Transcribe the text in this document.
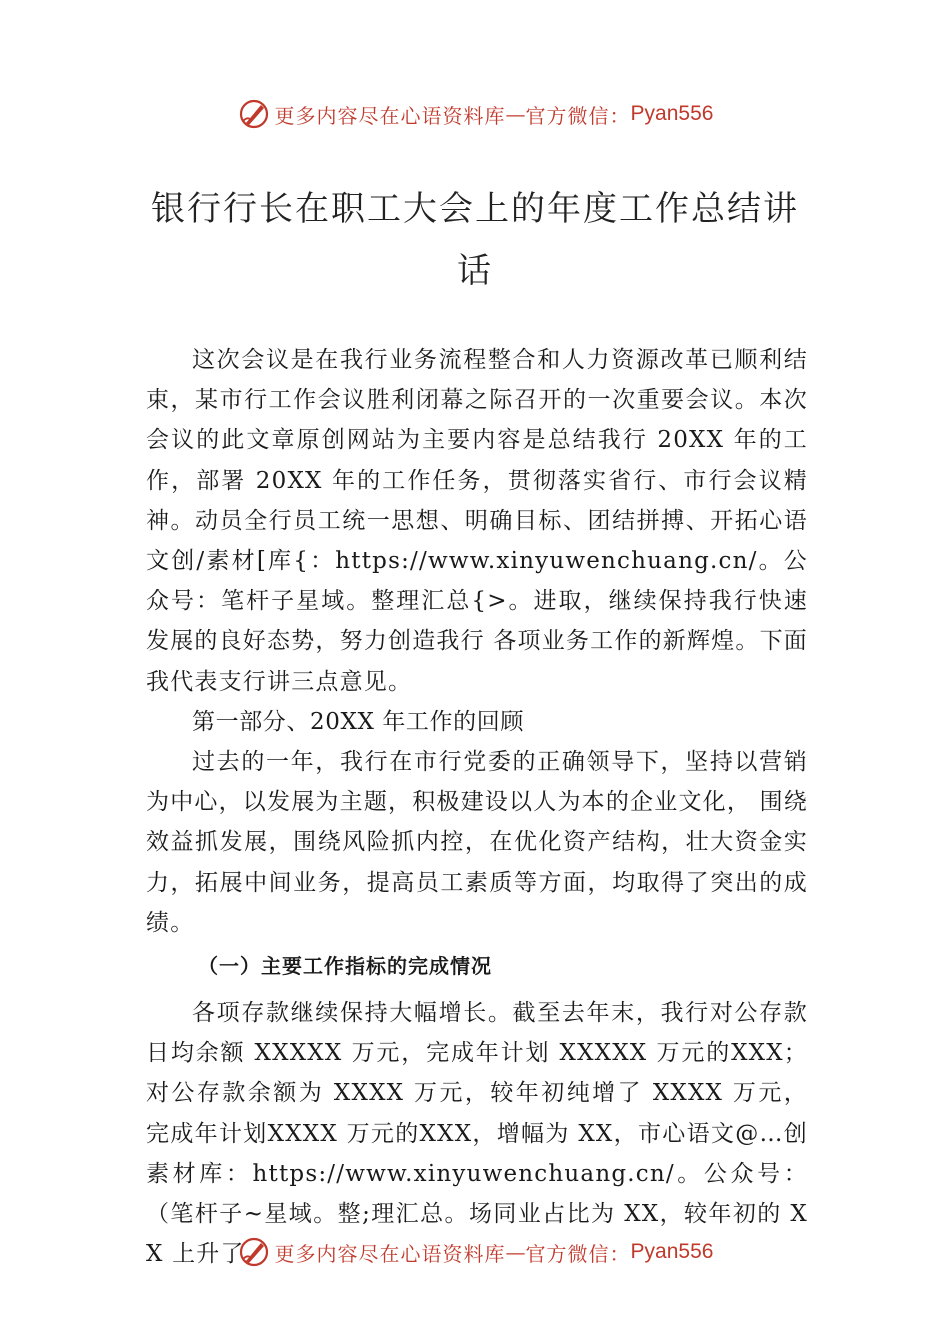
更多内容尽在心语资料库 — 官方微信： Pyan556
银行行长在职工大会上的年度工作总结讲话

这次会议是在我行业务流程整合和人力资源改革已顺利结束，某市行工作会议胜利闭幕之际召开的一次重要会议。本次会议的此文章原创网站为主要内容是总结我行 20XX 年的工作，部署 20XX 年的工作任务，贯彻落实省行、市行会议精神。动员全行员工统一思想、明确目标、团结拼搏、开拓心语文创/素材[库{：https://www.xinyuwenchuang.cn/。公众号：笔杆子星域。整理汇总{>。进取，继续保持我行快速发展的良好态势，努力创造我行 各项业务工作的新辉煌。下面我代表支行讲三点意见。

第一部分、20XX 年工作的回顾

过去的一年，我行在市行党委的正确领导下，坚持以营销为中心，以发展为主题，积极建设以人为本的企业文化， 围绕效益抓发展，围绕风险抓内控，在优化资产结构，壮大资金实力，拓展中间业务，提高员工素质等方面，均取得了突出的成绩。

（一）主要工作指标的完成情况

各项存款继续保持大幅增长。截至去年末，我行对公存款日均余额 XXXXX 万元，完成年计划 XXXXX 万元的XXX；对公存款余额为 XXXX 万元，较年初纯增了 XXXX 万元， 完成年计划XXXX 万元的XXX，增幅为 XX，市心语文@…创素材库：https://www.xinyuwenchuang.cn/。公众号：（笔杆子~星域。整;理汇总。场同业占比为 XX，较年初的 XX 上升了	更多内容尽在心语资料库 — 官方微信： Pyan556
